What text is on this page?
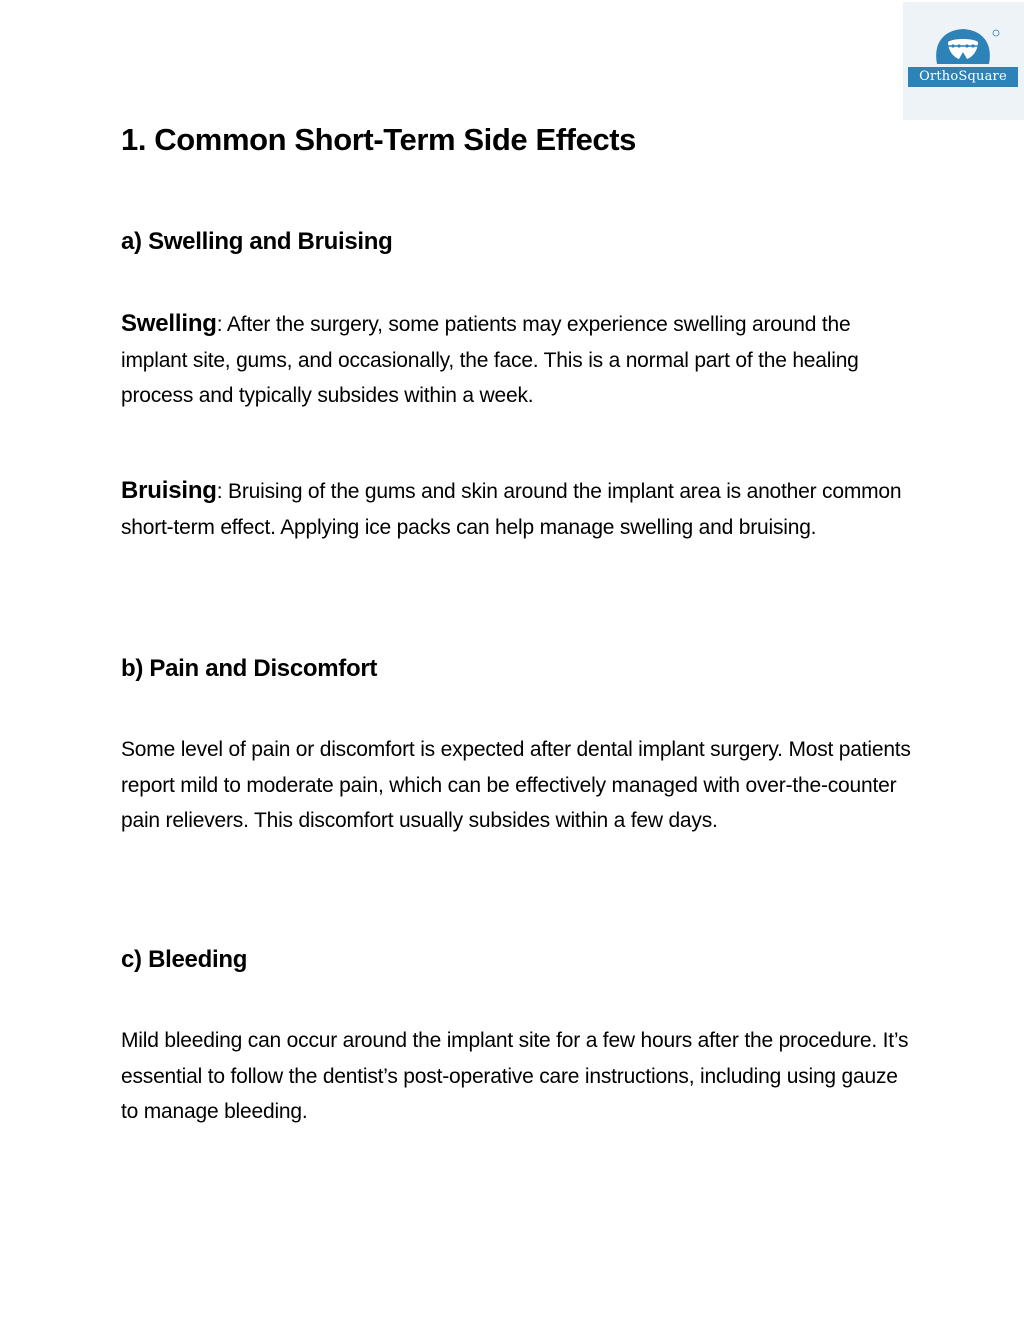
OrthoSquare
1. Common Short-Term Side Effects
a) Swelling and Bruising

Swelling: After the surgery, some patients may experience swelling around the implant site, gums, and occasionally, the face. This is a normal part of the healing process and typically subsides within a week.

Bruising: Bruising of the gums and skin around the implant area is another common short-term effect. Applying ice packs can help manage swelling and bruising.

b) Pain and Discomfort

Some level of pain or discomfort is expected after dental implant surgery. Most patients report mild to moderate pain, which can be effectively managed with over-the-counter pain relievers. This discomfort usually subsides within a few days.

c) Bleeding

Mild bleeding can occur around the implant site for a few hours after the procedure. It’s essential to follow the dentist’s post-operative care instructions, including using gauze to manage bleeding.
